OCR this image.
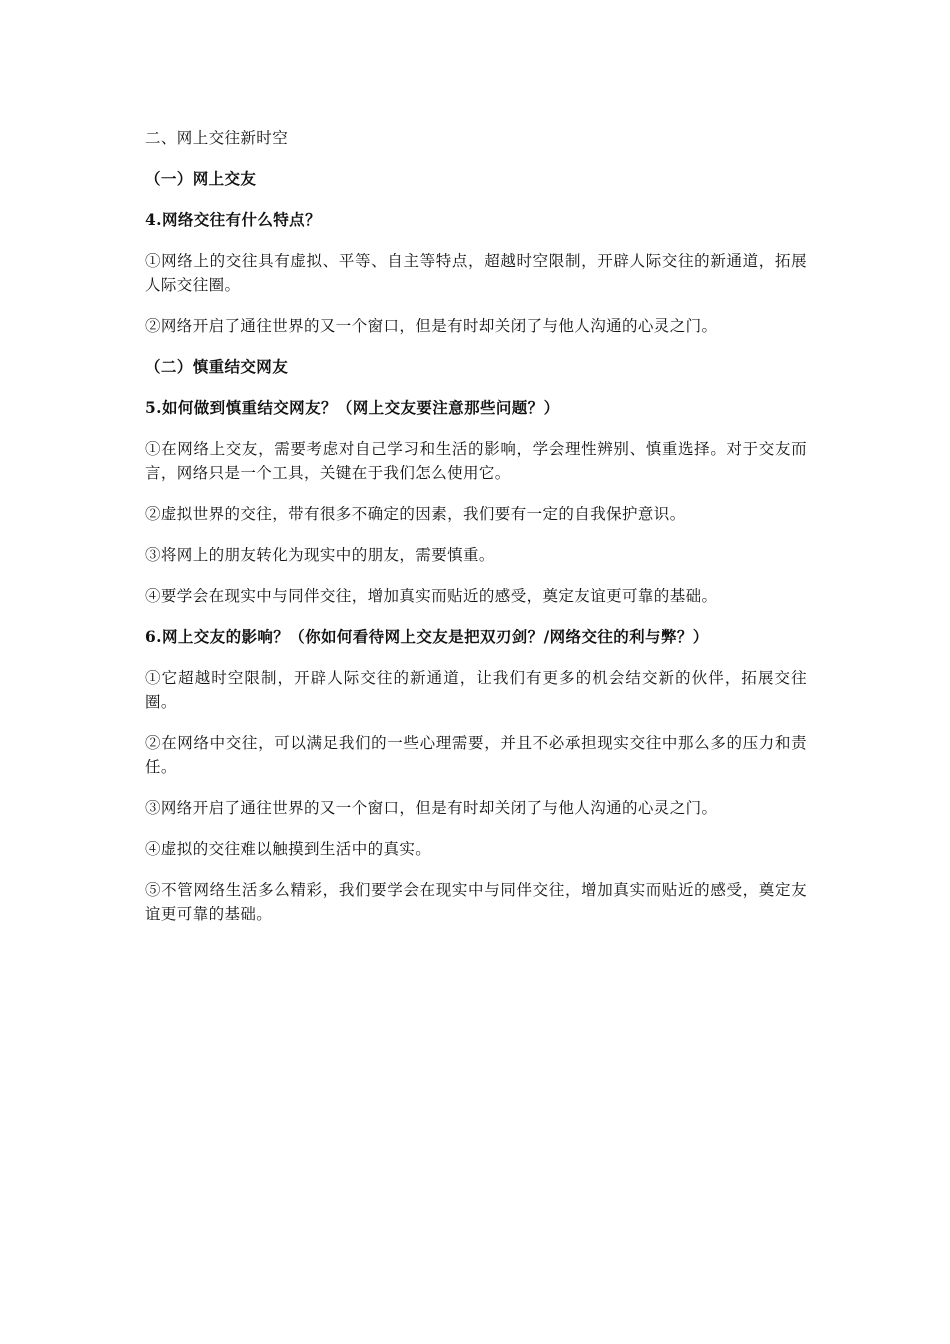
二、网上交往新时空

（一）网上交友

4.网络交往有什么特点？

①网络上的交往具有虚拟、平等、自主等特点，超越时空限制，开辟人际交往的新通道，拓展人际交往圈。

②网络开启了通往世界的又一个窗口，但是有时却关闭了与他人沟通的心灵之门。

（二）慎重结交网友

5.如何做到慎重结交网友？（网上交友要注意那些问题？）

①在网络上交友，需要考虑对自己学习和生活的影响，学会理性辨别、慎重选择。对于交友而言，网络只是一个工具，关键在于我们怎么使用它。

②虚拟世界的交往，带有很多不确定的因素，我们要有一定的自我保护意识。

③将网上的朋友转化为现实中的朋友，需要慎重。

④要学会在现实中与同伴交往，增加真实而贴近的感受，奠定友谊更可靠的基础。

6.网上交友的影响？（你如何看待网上交友是把双刃剑？/网络交往的利与弊？）

①它超越时空限制，开辟人际交往的新通道，让我们有更多的机会结交新的伙伴，拓展交往圈。

②在网络中交往，可以满足我们的一些心理需要，并且不必承担现实交往中那么多的压力和责任。

③网络开启了通往世界的又一个窗口，但是有时却关闭了与他人沟通的心灵之门。

④虚拟的交往难以触摸到生活中的真实。

⑤不管网络生活多么精彩，我们要学会在现实中与同伴交往，增加真实而贴近的感受，奠定友谊更可靠的基础。
